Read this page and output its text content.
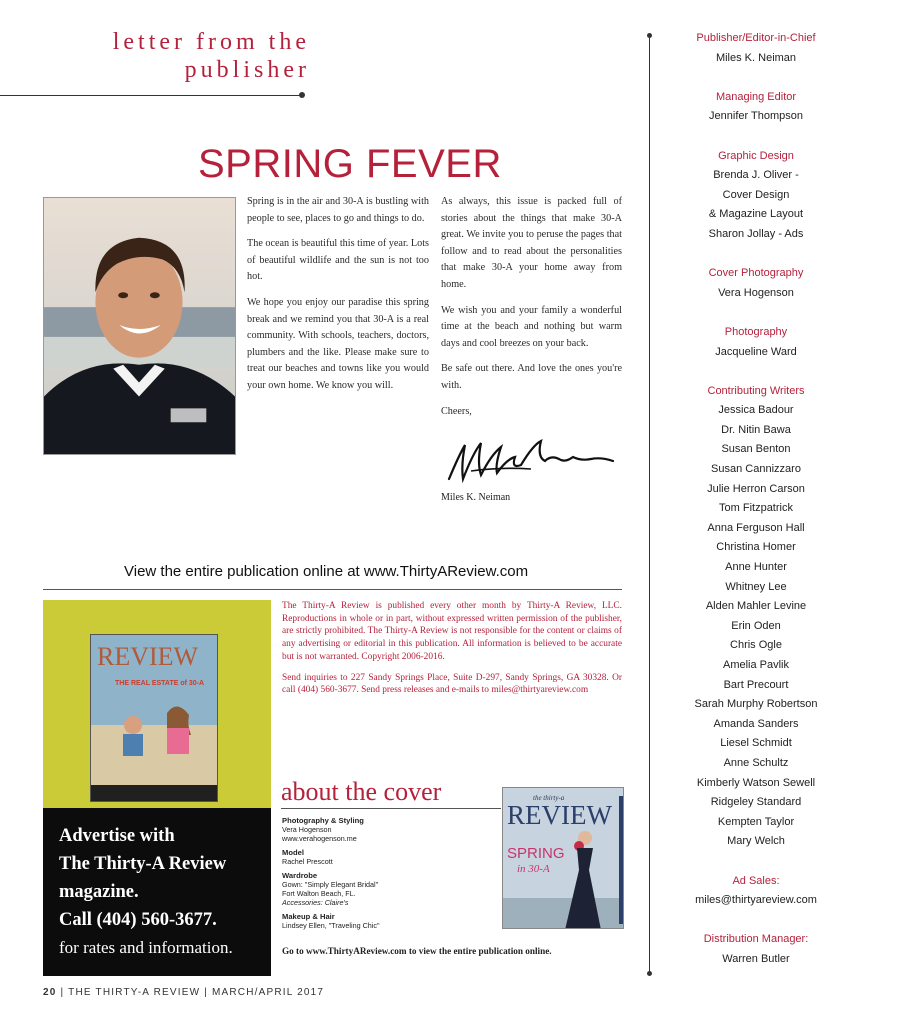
letter from the
publisher
SPRING FEVER

Spring is in the air and 30-A is bustling with people to see, places to go and things to do.

The ocean is beautiful this time of year. Lots of beautiful wildlife and the sun is not too hot.

We hope you enjoy our paradise this spring break and we remind you that 30-A is a real community. With schools, teachers, doctors, plumbers and the like. Please make sure to treat our beaches and towns like you would your own home. We know you will.

As always, this issue is packed full of stories about the things that make 30-A great. We invite you to peruse the pages that follow and to read about the personalities that make 30-A your home away from home.

We wish you and your family a wonderful time at the beach and nothing but warm days and cool breezes on your back.

Be safe out there. And love the ones you're with.

Cheers,

Miles K. Neiman
View the entire publication online at www.ThirtyAReview.com
REVIEW
THE REAL ESTATE of 30-A
Advertise with
The Thirty-A Review
magazine.
Call (404) 560-3677.
for rates and information.

The Thirty-A Review is published every other month by Thirty-A Review, LLC. Reproductions in whole or in part, without expressed written permission of the publisher, are strictly prohibited. The Thirty-A Review is not responsible for the content or claims of any advertising or editorial in this publication. All information is believed to be accurate but is not warranted. Copyright 2006-2016.

Send inquiries to 227 Sandy Springs Place, Suite D-297, Sandy Springs, GA 30328. Or call (404) 560-3677. Send press releases and e-mails to miles@thirtyareview.com

about the cover
Photography & Styling
Vera Hogenson
www.verahogenson.me
Model
Rachel Prescott
Wardrobe
Gown: "Simply Elegant Bridal"
Fort Walton Beach, FL.
Accessories: Claire's
Makeup & Hair
Lindsey Ellen, "Traveling Chic"
the thirty-a
REVIEW
SPRING
in 30-A
Go to www.ThirtyAReview.com to view the entire publication online.
20 | THE THIRTY-A REVIEW | MARCH/APRIL 2017
Publisher/Editor-in-Chief
Miles K. Neiman
Managing Editor
Jennifer Thompson
Graphic Design
Brenda J. Oliver -
Cover Design
& Magazine Layout
Sharon Jollay - Ads
Cover Photography
Vera Hogenson
Photography
Jacqueline Ward
Contributing Writers
Jessica Badour
Dr. Nitin Bawa
Susan Benton
Susan Cannizzaro
Julie Herron Carson
Tom Fitzpatrick
Anna Ferguson Hall
Christina Homer
Anne Hunter
Whitney Lee
Alden Mahler Levine
Erin Oden
Chris Ogle
Amelia Pavlik
Bart Precourt
Sarah Murphy Robertson
Amanda Sanders
Liesel Schmidt
Anne Schultz
Kimberly Watson Sewell
Ridgeley Standard
Kempten Taylor
Mary Welch
Ad Sales:
miles@thirtyareview.com
Distribution Manager:
Warren Butler
